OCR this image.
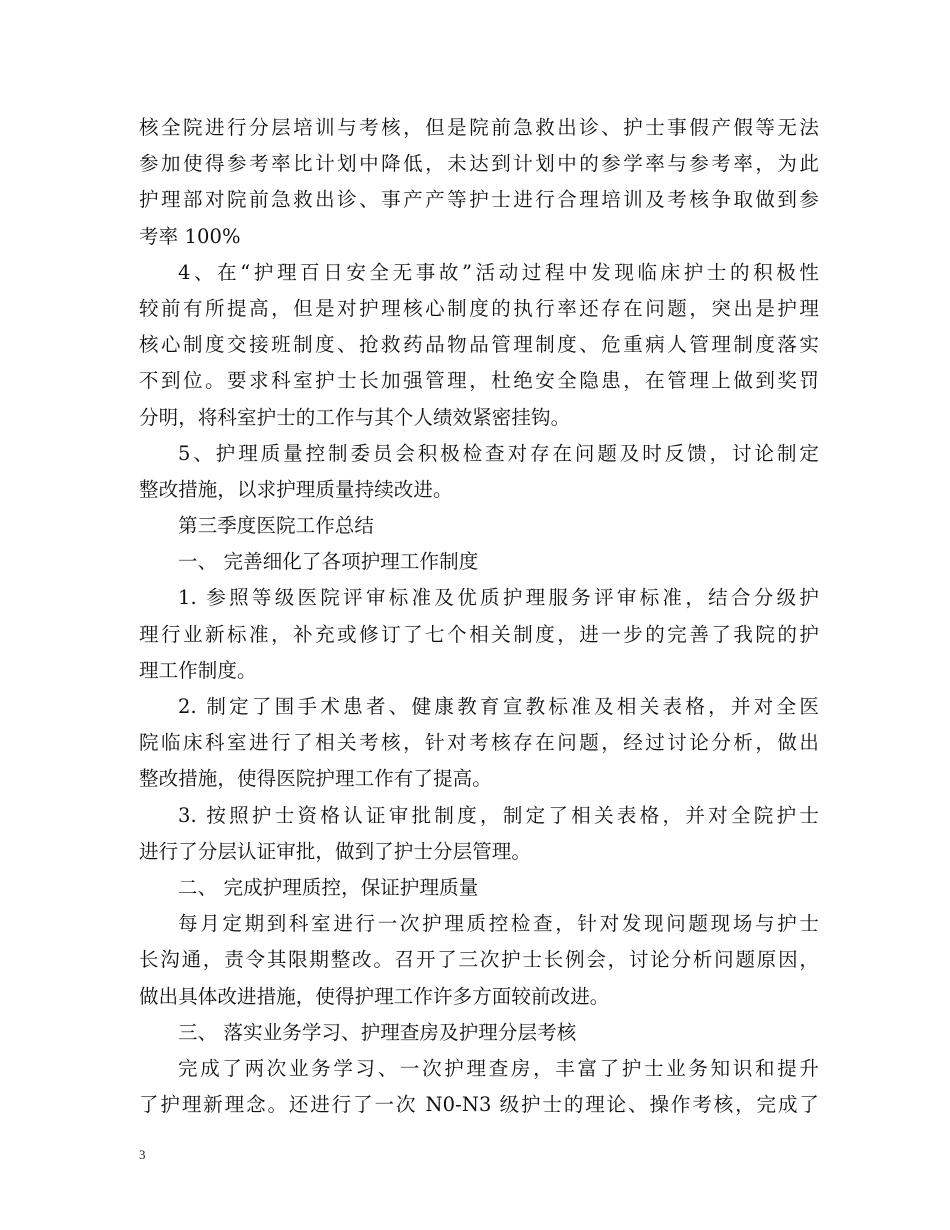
核全院进行分层培训与考核，但是院前急救出诊、护士事假产假等无法
参加使得参考率比计划中降低，未达到计划中的参学率与参考率，为此
护理部对院前急救出诊、事产产等护士进行合理培训及考核争取做到参
考率 100%
4、在“护理百日安全无事故”活动过程中发现临床护士的积极性
较前有所提高，但是对护理核心制度的执行率还存在问题，突出是护理
核心制度交接班制度、抢救药品物品管理制度、危重病人管理制度落实
不到位。要求科室护士长加强管理，杜绝安全隐患，在管理上做到奖罚
分明，将科室护士的工作与其个人绩效紧密挂钩。
5、护理质量控制委员会积极检查对存在问题及时反馈，讨论制定
整改措施，以求护理质量持续改进。
第三季度医院工作总结
一、 完善细化了各项护理工作制度
1. 参照等级医院评审标准及优质护理服务评审标准，结合分级护
理行业新标准，补充或修订了七个相关制度，进一步的完善了我院的护
理工作制度。
2. 制定了围手术患者、健康教育宣教标准及相关表格，并对全医
院临床科室进行了相关考核，针对考核存在问题，经过讨论分析，做出
整改措施，使得医院护理工作有了提高。
3. 按照护士资格认证审批制度，制定了相关表格，并对全院护士
进行了分层认证审批，做到了护士分层管理。
二、 完成护理质控，保证护理质量
每月定期到科室进行一次护理质控检查，针对发现问题现场与护士
长沟通，责令其限期整改。召开了三次护士长例会，讨论分析问题原因，
做出具体改进措施，使得护理工作许多方面较前改进。
三、 落实业务学习、护理查房及护理分层考核
完成了两次业务学习、一次护理查房，丰富了护士业务知识和提升
了护理新理念。还进行了一次 N0-N3 级护士的理论、操作考核，完成了
3
